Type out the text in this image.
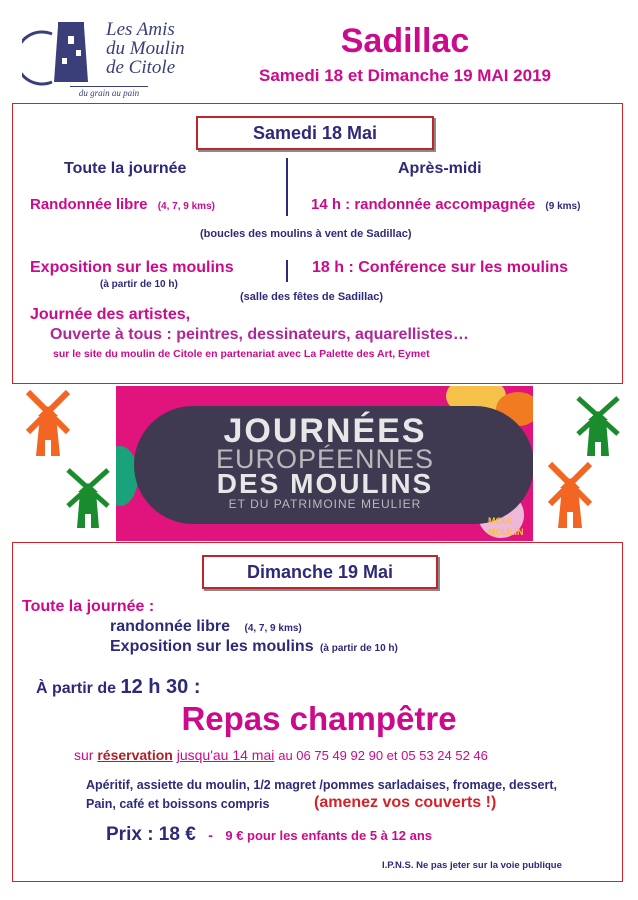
Les Amis
du Moulin
de Citole
du grain au pain
Sadillac
Samedi 18 et Dimanche 19 MAI 2019
Samedi 18 Mai
Toute la journée	Après-midi
Randonnée libre (4, 7, 9 kms)	14 h : randonnée accompagnée (9 kms)
(boucles des moulins à vent de Sadillac)
Exposition sur les moulins	18 h : Conférence sur les moulins
(à partir de 10 h)
(salle des fêtes de Sadillac)
Journée des artistes,
Ouverte à tous : peintres, dessinateurs, aquarellistes…
sur le site du moulin de Citole en partenariat avec La Palette des Art, Eymet
JOURNÉES
EUROPÉENNES
DES MOULINS
ET DU PATRIMOINE MEULIER
MOUL
MOULIN
Dimanche 19 Mai
Toute la journée :
randonnée libre (4, 7, 9 kms)
Exposition sur les moulins (à partir de 10 h)
À partir de 12 h 30 :
Repas champêtre
sur réservation jusqu'au 14 mai au 06 75 49 92 90 et 05 53 24 52 46
Apéritif, assiette du moulin, 1/2 magret /pommes sarladaises, fromage, dessert,
Pain, café et boissons compris	(amenez vos couverts !)
Prix : 18 € - 9 € pour les enfants de 5 à 12 ans
I.P.N.S. Ne pas jeter sur la voie publique
